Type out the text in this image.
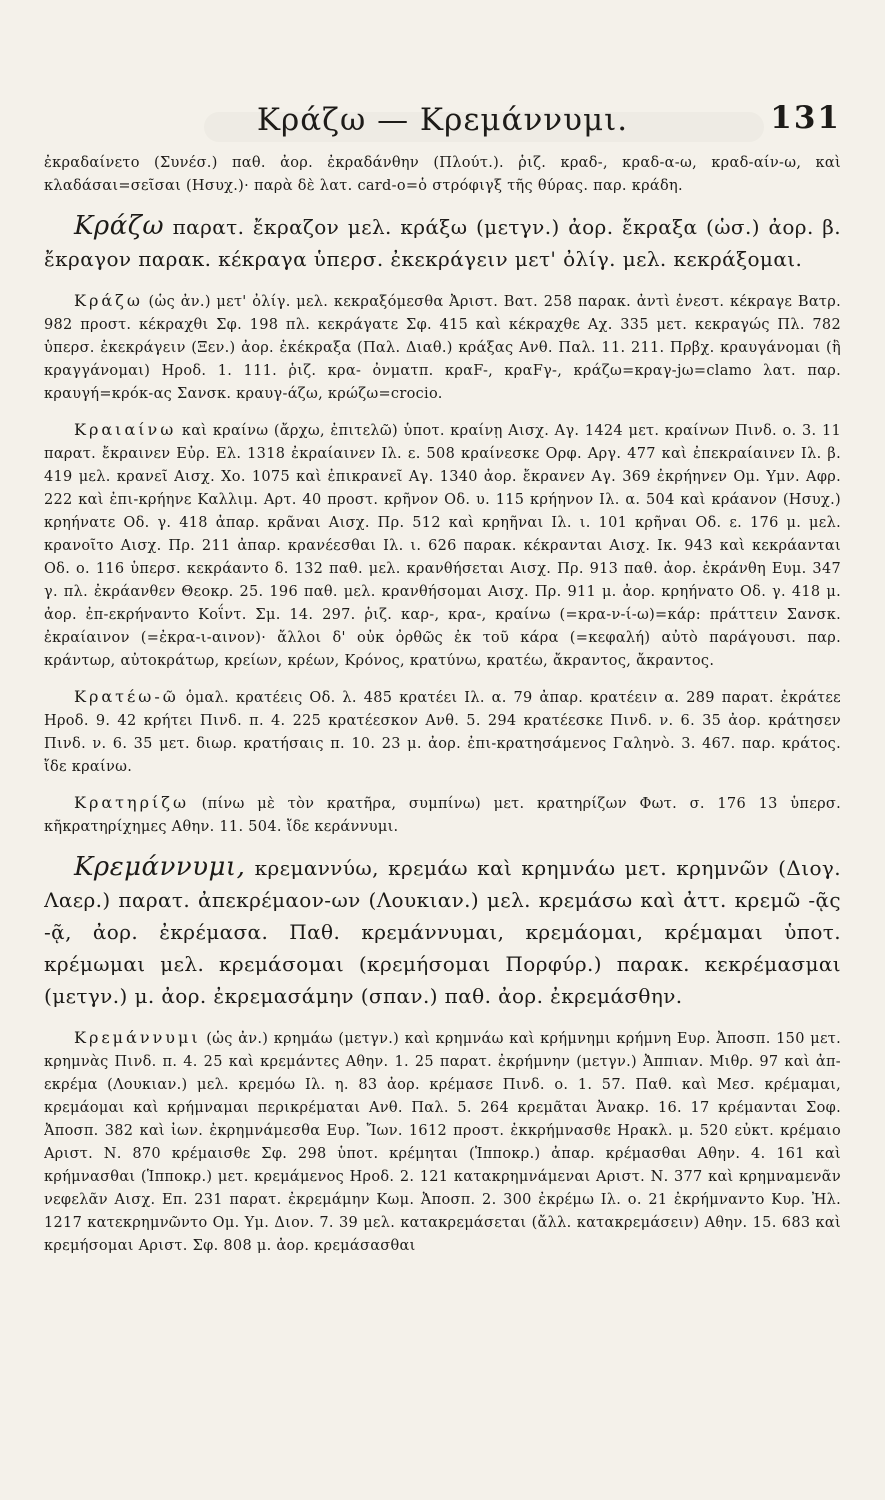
Κράζω — Κρεμάννυμι.	131

ἐκραδαίνετο (Συνέσ.) παθ. ἀορ. ἐκραδάνθην (Πλούτ.). ῥιζ. κραδ-, κραδ-α-ω, κραδ-αίν-ω, καὶ κλαδάσαι=σεῖσαι (Ησυχ.)· παρὰ δὲ λατ. card-o=ὁ στρόφιγξ τῆς θύρας. παρ. κράδη.

Κράζω παρατ. ἔκραζον μελ. κράξω (μετγν.) ἀορ. ἔκραξα (ὡσ.) ἀορ. β. ἔκραγον παρακ. κέκραγα ὑπερσ. ἐκεκράγειν μετ' ὀλίγ. μελ. κεκράξομαι.

Κράζω (ὡς ἀν.) μετ' ὀλίγ. μελ. κεκραξόμεσθα Ἀριστ. Βατ. 258 παρακ. ἀντὶ ἐνεστ. κέκραγε Βατρ. 982 προστ. κέκραχθι Σφ. 198 πλ. κεκράγατε Σφ. 415 καὶ κέκραχθε Αχ. 335 μετ. κεκραγώς Πλ. 782 ὑπερσ. ἐκεκράγειν (Ξεν.) ἀορ. ἐκέκραξα (Παλ. Διαθ.) κράξας Ανθ. Παλ. 11. 211. Πρβχ. κραυγάνομαι (ἢ κραγγάνομαι) Ηροδ. 1. 111. ῥιζ. κρα- ὀνματπ. κραF-, κραFγ-, κράζω=κραγ-jω=clamo λατ. παρ. κραυγή=κρόκ-ας Σανσκ. κραυγ-άζω, κρώζω=crocio.

Κραιαίνω καὶ κραίνω (ἄρχω, ἐπιτελῶ) ὑποτ. κραίνῃ Αισχ. Αγ. 1424 μετ. κραίνων Πινδ. ο. 3. 11 παρατ. ἔκραινεν Εὐρ. Ελ. 1318 ἐκραίαινεν Ιλ. ε. 508 κραίνεσκε Ορφ. Αργ. 477 καὶ ἐπεκραίαινεν Ιλ. β. 419 μελ. κρανεῖ Αισχ. Χο. 1075 καὶ ἐπικρανεῖ Αγ. 1340 ἀορ. ἔκρανεν Αγ. 369 ἐκρήηνεν Ομ. Υμν. Αφρ. 222 καὶ ἐπι-κρήηνε Καλλιμ. Αρτ. 40 προστ. κρῆνον Οδ. υ. 115 κρήηνον Ιλ. α. 504 καὶ κράανον (Ησυχ.) κρηήνατε Οδ. γ. 418 ἀπαρ. κρᾶναι Αισχ. Πρ. 512 καὶ κρηῆναι Ιλ. ι. 101 κρῆναι Οδ. ε. 176 μ. μελ. κρανοῖτο Αισχ. Πρ. 211 ἀπαρ. κρανέεσθαι Ιλ. ι. 626 παρακ. κέκρανται Αισχ. Ικ. 943 καὶ κεκράανται Οδ. ο. 116 ὑπερσ. κεκράαντο δ. 132 παθ. μελ. κρανθήσεται Αισχ. Πρ. 913 παθ. ἀορ. ἐκράνθη Ευμ. 347 γ. πλ. ἐκράανθεν Θεοκρ. 25. 196 παθ. μελ. κρανθήσομαι Αισχ. Πρ. 911 μ. ἀορ. κρηήνατο Οδ. γ. 418 μ. ἀορ. ἐπ-εκρήναντο Κοΐντ. Σμ. 14. 297. ῥιζ. καρ-, κρα-, κραίνω (=κρα-ν-ί-ω)=κάρ: πράττειν Σανσκ. ἐκραίαινον (=ἐκρα-ι-αινον)· ἄλλοι δ' οὐκ ὀρθῶς ἐκ τοῦ κάρα (=κεφαλή) αὐτὸ παράγουσι. παρ. κράντωρ, αὐτοκράτωρ, κρείων, κρέων, Κρόνος, κρατύνω, κρατέω, ἄκραντος, ἄκραντος.

Κρατέω-ῶ ὁμαλ. κρατέεις Οδ. λ. 485 κρατέει Ιλ. α. 79 ἀπαρ. κρατέειν α. 289 παρατ. ἐκράτεε Ηροδ. 9. 42 κρήτει Πινδ. π. 4. 225 κρατέεσκον Ανθ. 5. 294 κρατέεσκε Πινδ. ν. 6. 35 ἀορ. κράτησεν Πινδ. ν. 6. 35 μετ. διωρ. κρατήσαις π. 10. 23 μ. ἀορ. ἐπι-κρατησάμενος Γαληνὸ. 3. 467. παρ. κράτος. ἴδε κραίνω.

Κρατηρίζω (πίνω μὲ τὸν κρατῆρα, συμπίνω) μετ. κρατηρίζων Φωτ. σ. 176 13 ὑπερσ. κῆκρατηρίχημες Αθην. 11. 504. ἴδε κεράννυμι.

Κρεμάννυμι, κρεμαννύω, κρεμάω καὶ κρημνάω μετ. κρημνῶν (Διογ. Λαερ.) παρατ. ἀπεκρέμαον-ων (Λουκιαν.) μελ. κρεμάσω καὶ ἀττ. κρεμῶ -ᾷς -ᾷ, ἀορ. ἐκρέμασα. Παθ. κρεμάννυμαι, κρεμάομαι, κρέμαμαι ὑποτ. κρέμωμαι μελ. κρεμάσομαι (κρεμήσομαι Πορφύρ.) παρακ. κεκρέμασμαι (μετγν.) μ. ἀορ. ἐκρεμασάμην (σπαν.) παθ. ἀορ. ἐκρεμάσθην.

Κρεμάννυμι (ὡς ἀν.) κρημάω (μετγν.) καὶ κρημνάω καὶ κρήμνημι κρήμνη Ευρ. Ἀποσπ. 150 μετ. κρημνὰς Πινδ. π. 4. 25 καὶ κρεμάντες Αθην. 1. 25 παρατ. ἐκρήμνην (μετγν.) Ἀππιαν. Μιθρ. 97 καὶ ἀπ-εκρέμα (Λουκιαν.) μελ. κρεμόω Ιλ. η. 83 ἀορ. κρέμασε Πινδ. ο. 1. 57. Παθ. καὶ Μεσ. κρέμαμαι, κρεμάομαι καὶ κρήμναμαι περικρέμαται Ανθ. Παλ. 5. 264 κρεμᾶται Ἀνακρ. 16. 17 κρέμανται Σοφ. Ἀποσπ. 382 καὶ ἰων. ἐκρημνάμεσθα Ευρ. Ἴων. 1612 προστ. ἐκκρήμνασθε Ηρακλ. μ. 520 εὐκτ. κρέμαιο Αριστ. Ν. 870 κρέμαισθε Σφ. 298 ὑποτ. κρέμηται (Ἱπποκρ.) ἀπαρ. κρέμασθαι Αθην. 4. 161 καὶ κρήμνασθαι (Ἱπποκρ.) μετ. κρεμάμενος Ηροδ. 2. 121 κατακρημνάμεναι Αριστ. Ν. 377 καὶ κρημναμενᾶν νεφελᾶν Αισχ. Επ. 231 παρατ. ἐκρεμάμην Κωμ. Ἀποσπ. 2. 300 ἐκρέμω Ιλ. ο. 21 ἐκρήμναντο Κυρ. Ἠλ. 1217 κατεκρημνῶντο Ομ. Υμ. Διον. 7. 39 μελ. κατακρεμάσεται (ἄλλ. κατακρεμάσειν) Αθην. 15. 683 καὶ κρεμήσομαι Αριστ. Σφ. 808 μ. ἀορ. κρεμάσασθαι
